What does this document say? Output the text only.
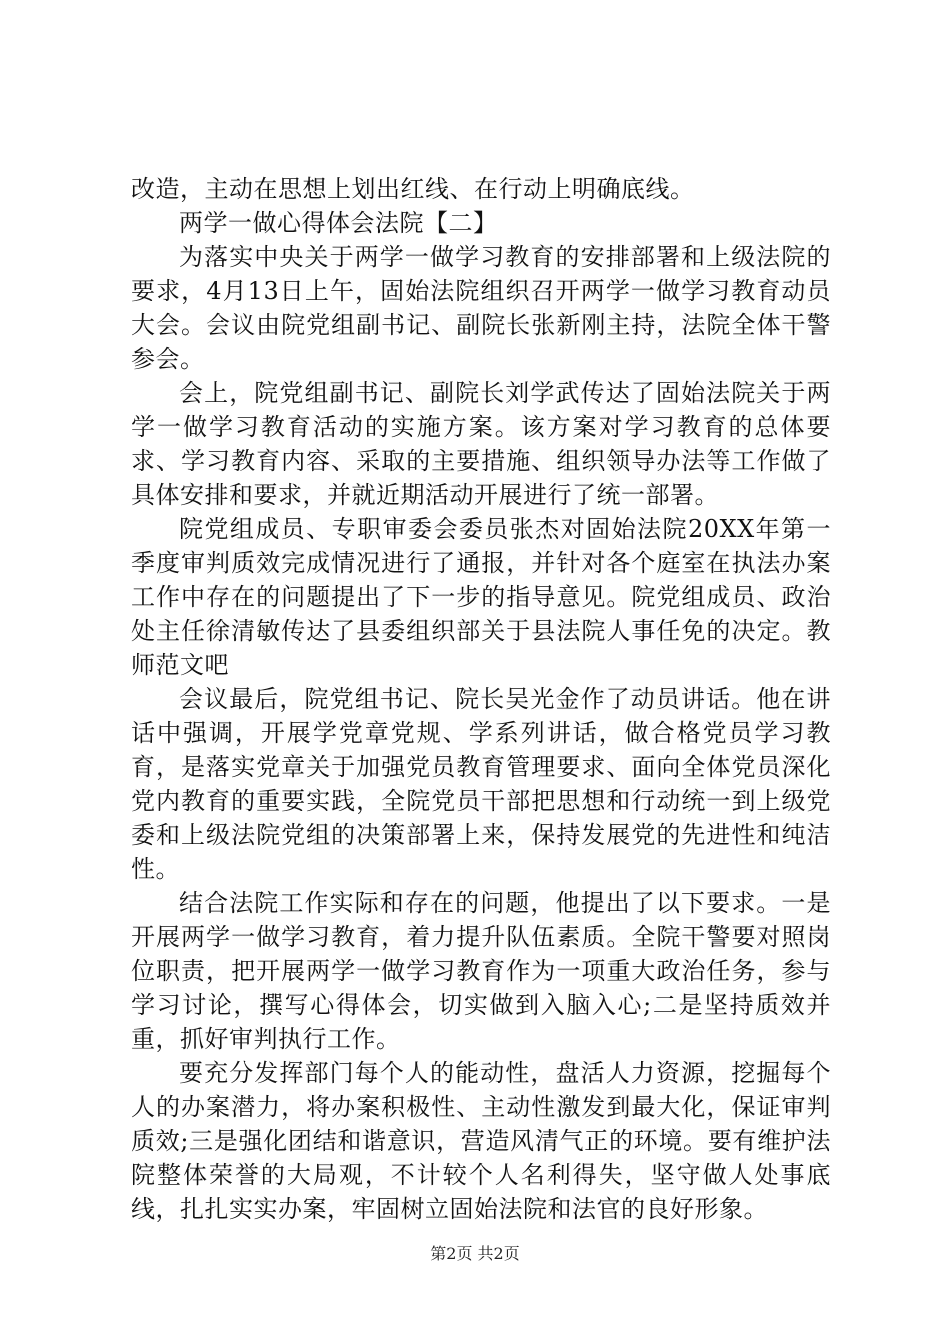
改造，主动在思想上划出红线、在行动上明确底线。

两学一做心得体会法院【二】

为落实中央关于两学一做学习教育的安排部署和上级法院的要求，4月13日上午，固始法院组织召开两学一做学习教育动员大会。会议由院党组副书记、副院长张新刚主持，法院全体干警参会。

会上，院党组副书记、副院长刘学武传达了固始法院关于两学一做学习教育活动的实施方案。该方案对学习教育的总体要求、学习教育内容、采取的主要措施、组织领导办法等工作做了具体安排和要求，并就近期活动开展进行了统一部署。

院党组成员、专职审委会委员张杰对固始法院20XX年第一季度审判质效完成情况进行了通报，并针对各个庭室在执法办案工作中存在的问题提出了下一步的指导意见。院党组成员、政治处主任徐清敏传达了县委组织部关于县法院人事任免的决定。教师范文吧

会议最后，院党组书记、院长吴光金作了动员讲话。他在讲话中强调，开展学党章党规、学系列讲话，做合格党员学习教育，是落实党章关于加强党员教育管理要求、面向全体党员深化党内教育的重要实践，全院党员干部把思想和行动统一到上级党委和上级法院党组的决策部署上来，保持发展党的先进性和纯洁性。

结合法院工作实际和存在的问题，他提出了以下要求。一是开展两学一做学习教育，着力提升队伍素质。全院干警要对照岗位职责，把开展两学一做学习教育作为一项重大政治任务，参与学习讨论，撰写心得体会，切实做到入脑入心;二是坚持质效并重，抓好审判执行工作。

要充分发挥部门每个人的能动性，盘活人力资源，挖掘每个人的办案潜力，将办案积极性、主动性激发到最大化，保证审判质效;三是强化团结和谐意识，营造风清气正的环境。要有维护法院整体荣誉的大局观，不计较个人名利得失，坚守做人处事底线，扎扎实实办案，牢固树立固始法院和法官的良好形象。

第2页 共2页
